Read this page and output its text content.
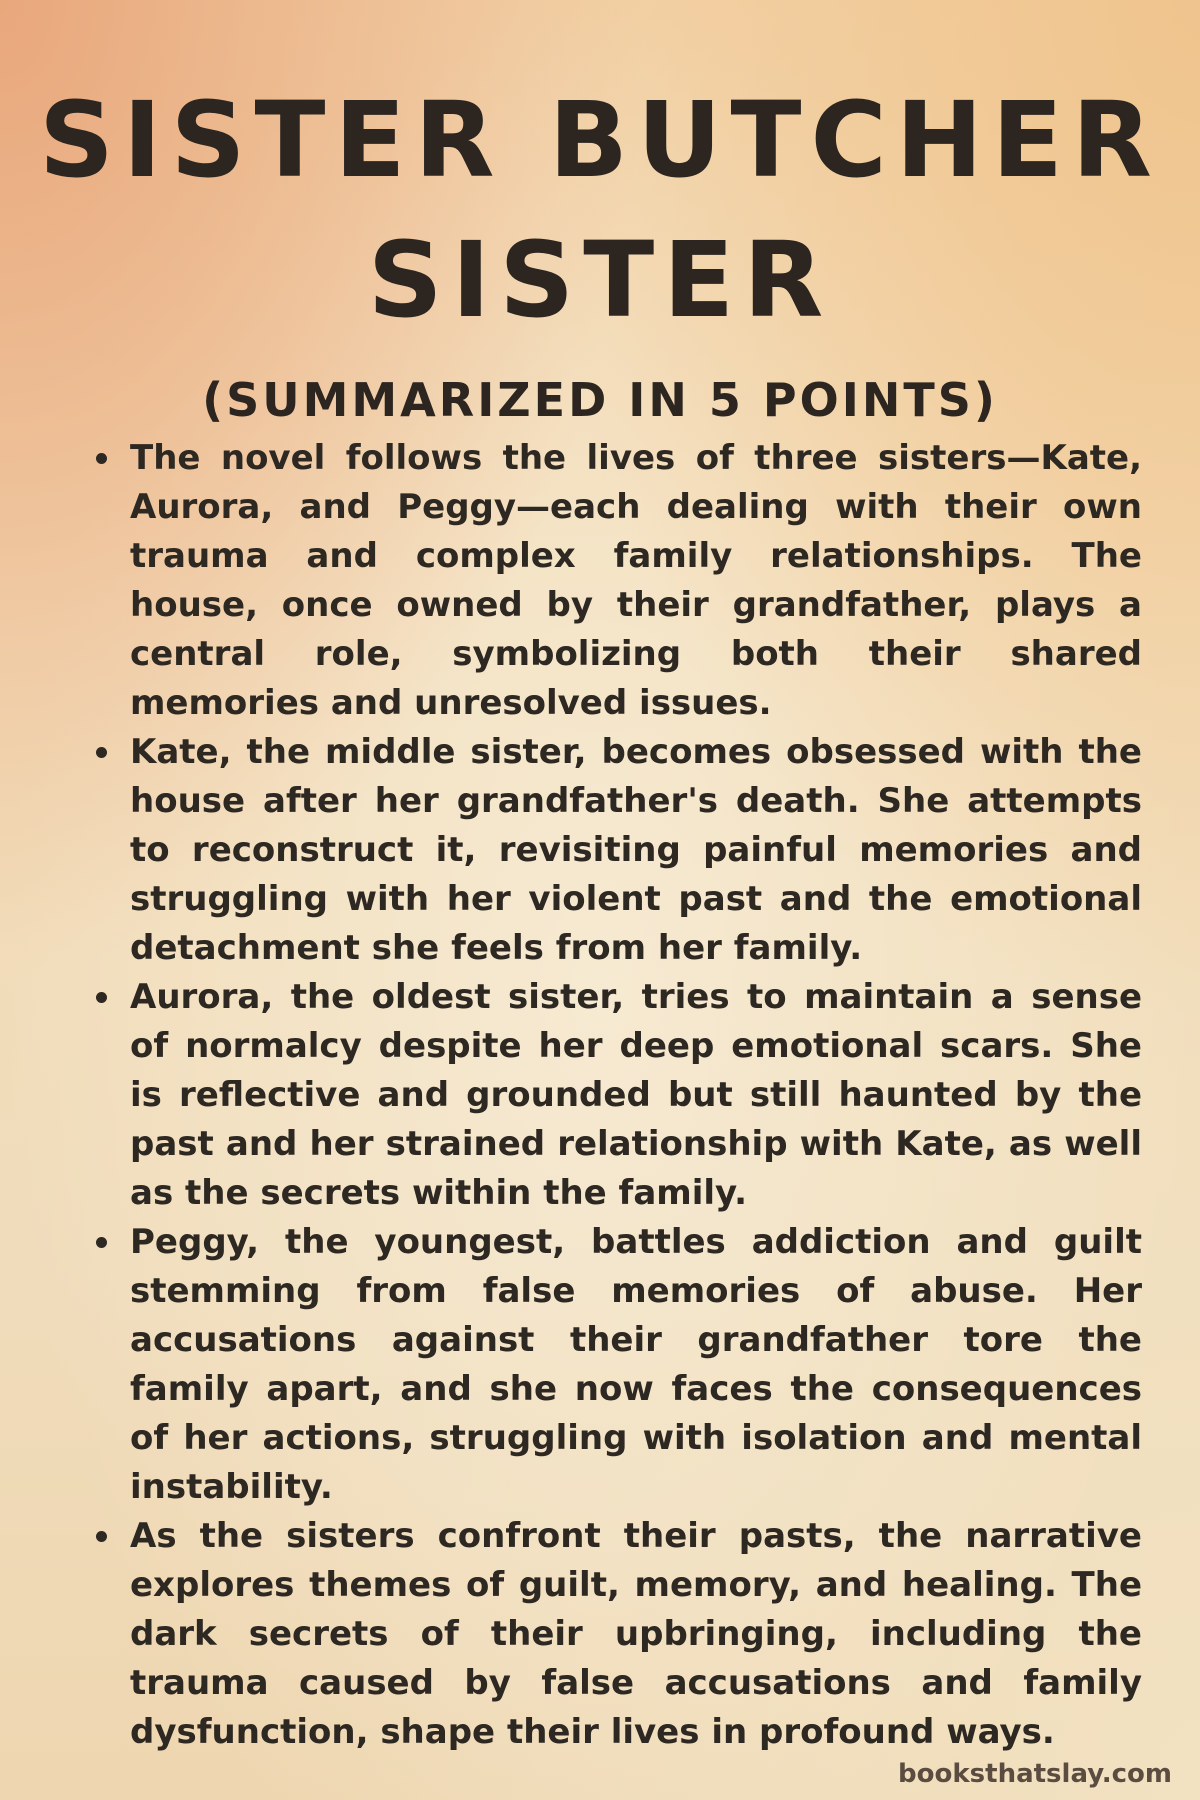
SISTER BUTCHER SISTER
(SUMMARIZED IN 5 POINTS)
The novel follows the lives of three sisters—Kate, Aurora, and Peggy—each dealing with their own trauma and complex family relationships. The house, once owned by their grandfather, plays a central role, symbolizing both their shared memories and unresolved issues.
Kate, the middle sister, becomes obsessed with the house after her grandfather's death. She attempts to reconstruct it, revisiting painful memories and struggling with her violent past and the emotional detachment she feels from her family.
Aurora, the oldest sister, tries to maintain a sense of normalcy despite her deep emotional scars. She is reflective and grounded but still haunted by the past and her strained relationship with Kate, as well as the secrets within the family.
Peggy, the youngest, battles addiction and guilt stemming from false memories of abuse. Her accusations against their grandfather tore the family apart, and she now faces the consequences of her actions, struggling with isolation and mental instability.
As the sisters confront their pasts, the narrative explores themes of guilt, memory, and healing. The dark secrets of their upbringing, including the trauma caused by false accusations and family dysfunction, shape their lives in profound ways.

booksthatslay.com
